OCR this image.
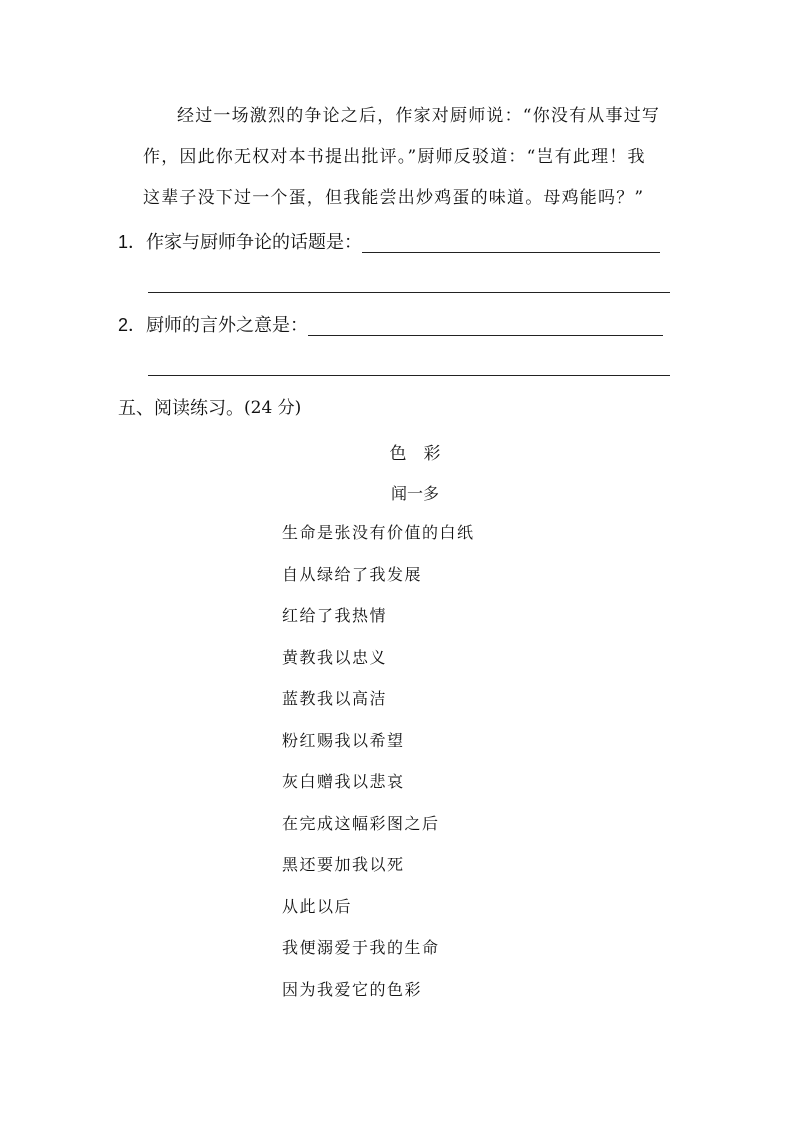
经过一场激烈的争论之后，作家对厨师说：“你没有从事过写
作，因此你无权对本书提出批评。”厨师反驳道：“岂有此理！我
这辈子没下过一个蛋，但我能尝出炒鸡蛋的味道。母鸡能吗？”
1．作家与厨师争论的话题是：
2．厨师的言外之意是：
五、阅读练习。 (24 分)
色　彩
闻一多
生命是张没有价值的白纸
自从绿给了我发展
红给了我热情
黄教我以忠义
蓝教我以高洁
粉红赐我以希望
灰白赠我以悲哀
在完成这幅彩图之后
黑还要加我以死
从此以后
我便溺爱于我的生命
因为我爱它的色彩
